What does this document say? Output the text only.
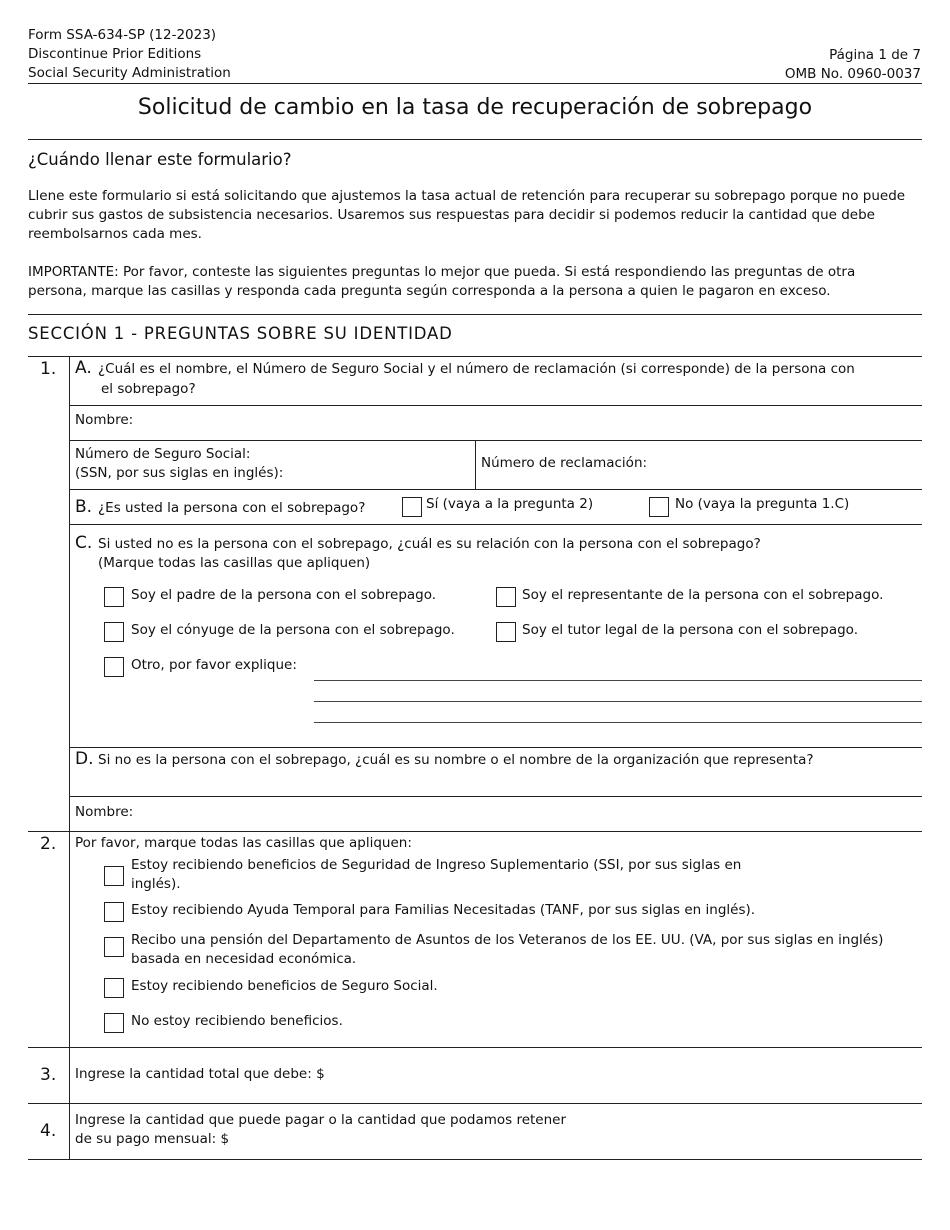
Form SSA-634-SP (12-2023)
Discontinue Prior Editions
Social Security Administration
Página 1 de 7
OMB No. 0960-0037
Solicitud de cambio en la tasa de recuperación de sobrepago
¿Cuándo llenar este formulario?
Llene este formulario si está solicitando que ajustemos la tasa actual de retención para recuperar su sobrepago porque no puede cubrir sus gastos de subsistencia necesarios. Usaremos sus respuestas para decidir si podemos reducir la cantidad que debe reembolsarnos cada mes.
IMPORTANTE: Por favor, conteste las siguientes preguntas lo mejor que pueda. Si está respondiendo las preguntas de otra persona, marque las casillas y responda cada pregunta según corresponda a la persona a quien le pagaron en exceso.
SECCIÓN 1 - PREGUNTAS SOBRE SU IDENTIDAD
1. A. ¿Cuál es el nombre, el Número de Seguro Social y el número de reclamación (si corresponde) de la persona con
el sobrepago?
Nombre:
Número de Seguro Social:
(SSN, por sus siglas en inglés):
Número de reclamación:
B. ¿Es usted la persona con el sobrepago?	Sí (vaya a la pregunta 2)	No (vaya la pregunta 1.C)
C. Si usted no es la persona con el sobrepago, ¿cuál es su relación con la persona con el sobrepago?
(Marque todas las casillas que apliquen)
Soy el padre de la persona con el sobrepago.	Soy el representante de la persona con el sobrepago.
Soy el cónyuge de la persona con el sobrepago.	Soy el tutor legal de la persona con el sobrepago.
Otro, por favor explique:
D. Si no es la persona con el sobrepago, ¿cuál es su nombre o el nombre de la organización que representa?
Nombre:
2. Por favor, marque todas las casillas que apliquen:
Estoy recibiendo beneficios de Seguridad de Ingreso Suplementario (SSI, por sus siglas en inglés).
Estoy recibiendo Ayuda Temporal para Familias Necesitadas (TANF, por sus siglas en inglés).
Recibo una pensión del Departamento de Asuntos de los Veteranos de los EE. UU. (VA, por sus siglas en inglés) basada en necesidad económica.
Estoy recibiendo beneficios de Seguro Social.
No estoy recibiendo beneficios.
3. Ingrese la cantidad total que debe: $
4.
Ingrese la cantidad que puede pagar o la cantidad que podamos retener
de su pago mensual: $
